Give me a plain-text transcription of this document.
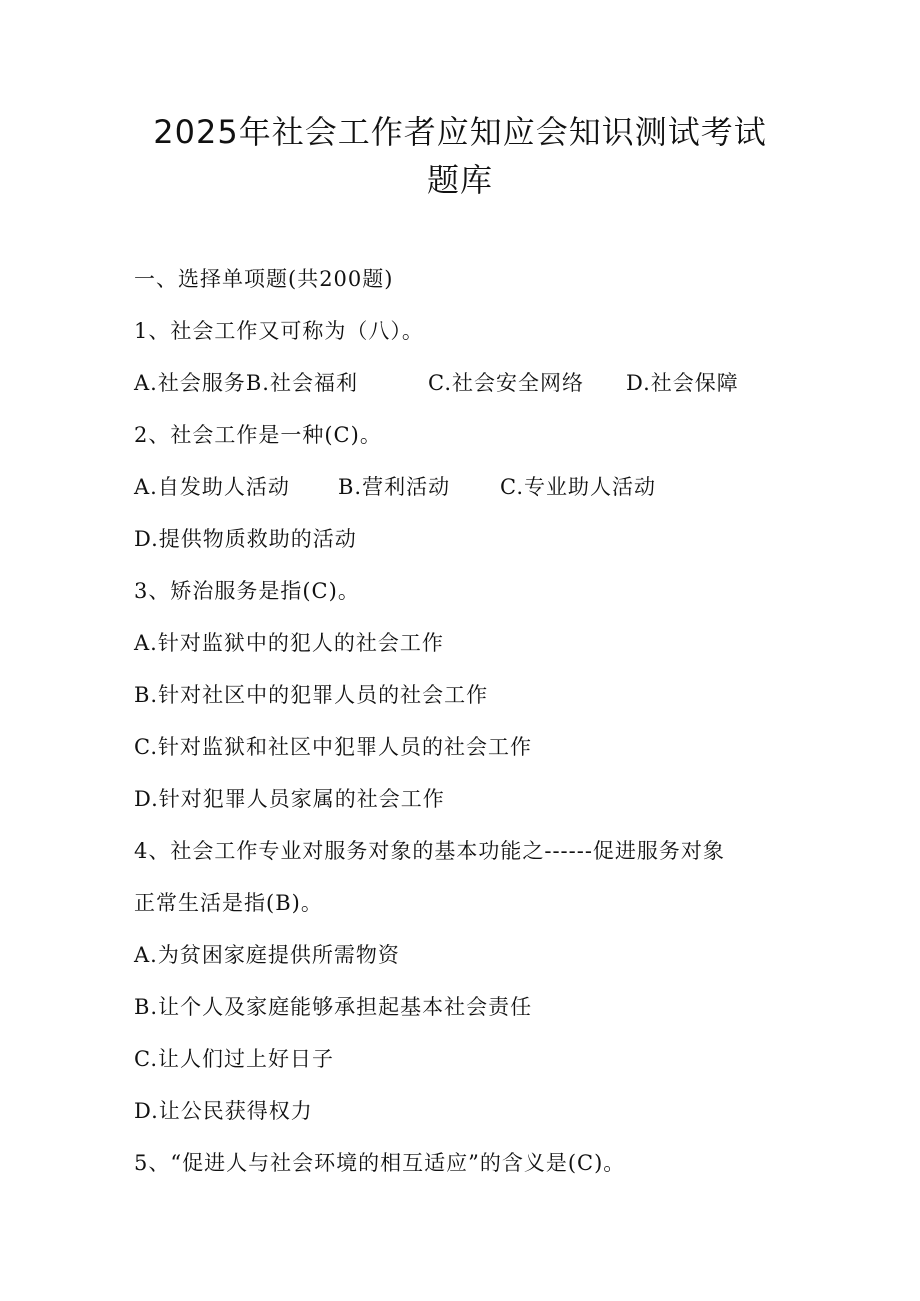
2025年社会工作者应知应会知识测试考试
题库
一、选择单项题(共200题)
1、社会工作又可称为（八）。
A.社会服务B.社会福利	C.社会安全网络 D.社会保障
2、社会工作是一种(C)。
A.自发助人活动 B.营利活动 C.专业助人活动
D.提供物质救助的活动
3、矫治服务是指(C)。
A.针对监狱中的犯人的社会工作
B.针对社区中的犯罪人员的社会工作
C.针对监狱和社区中犯罪人员的社会工作
D.针对犯罪人员家属的社会工作
4、社会工作专业对服务对象的基本功能之------促进服务对象
正常生活是指(B)。
A.为贫困家庭提供所需物资
B.让个人及家庭能够承担起基本社会责任
C.让人们过上好日子
D.让公民获得权力
5、“促进人与社会环境的相互适应”的含义是(C)。
